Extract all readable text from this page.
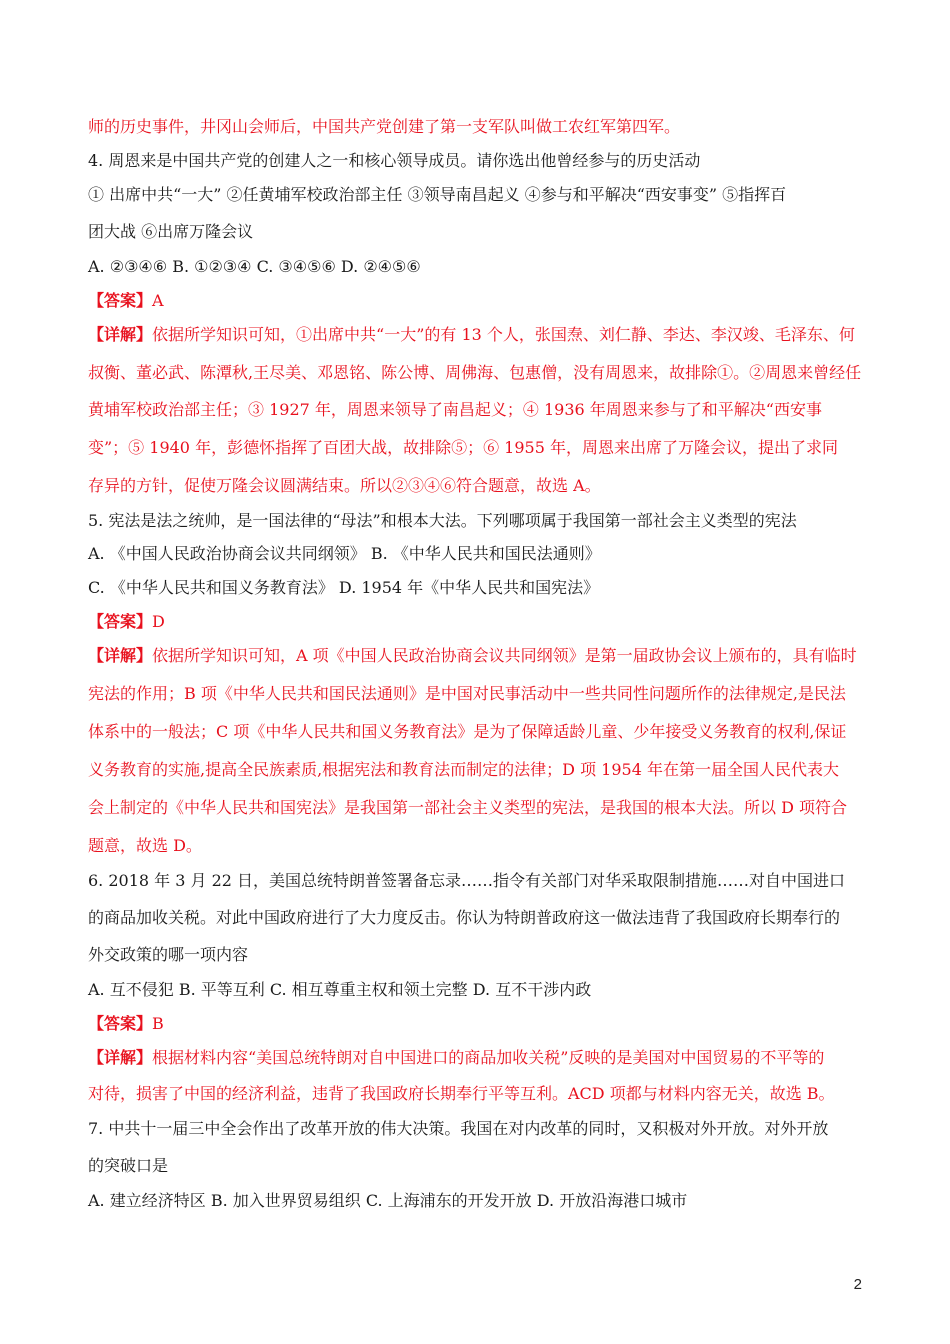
2
师的历史事件，井冈山会师后，中国共产党创建了第一支军队叫做工农红军第四军。
4. 周恩来是中国共产党的创建人之一和核心领导成员。请你选出他曾经参与的历史活动
① 出席中共“一大” ②任黄埔军校政治部主任 ③领导南昌起义 ④参与和平解决“西安事变” ⑤指挥百
团大战 ⑥出席万隆会议
A. ②③④⑥ B. ①②③④ C. ③④⑤⑥ D. ②④⑤⑥
【答案】A
【详解】依据所学知识可知，①出席中共“一大”的有 13 个人，张国焘、刘仁静、李达、李汉竣、毛泽东、何
叔衡、董必武、陈潭秋,王尽美、邓恩铭、陈公博、周佛海、包惠僧，没有周恩来，故排除①。②周恩来曾经任
黄埔军校政治部主任；③ 1927 年，周恩来领导了南昌起义；④ 1936 年周恩来参与了和平解决“西安事
变”；⑤ 1940 年，彭德怀指挥了百团大战，故排除⑤；⑥ 1955 年，周恩来出席了万隆会议，提出了求同
存异的方针，促使万隆会议圆满结束。所以②③④⑥符合题意，故选 A。
5. 宪法是法之统帅，是一国法律的“母法”和根本大法。下列哪项属于我国第一部社会主义类型的宪法
A. 《中国人民政治协商会议共同纲领》 B. 《中华人民共和国民法通则》
C. 《中华人民共和国义务教育法》 D. 1954 年《中华人民共和国宪法》
【答案】D
【详解】依据所学知识可知，A 项《中国人民政治协商会议共同纲领》是第一届政协会议上颁布的，具有临时
宪法的作用；B 项《中华人民共和国民法通则》是中国对民事活动中一些共同性问题所作的法律规定,是民法
体系中的一般法；C 项《中华人民共和国义务教育法》是为了保障适龄儿童、少年接受义务教育的权利,保证
义务教育的实施,提高全民族素质,根据宪法和教育法而制定的法律；D 项 1954 年在第一届全国人民代表大
会上制定的《中华人民共和国宪法》是我国第一部社会主义类型的宪法，是我国的根本大法。所以 D 项符合
题意，故选 D。
6. 2018 年 3 月 22 日，美国总统特朗普签署备忘录……指令有关部门对华采取限制措施……对自中国进口
的商品加收关税。对此中国政府进行了大力度反击。你认为特朗普政府这一做法违背了我国政府长期奉行的
外交政策的哪一项内容
A. 互不侵犯 B. 平等互利 C. 相互尊重主权和领土完整 D. 互不干涉内政
【答案】B
【详解】根据材料内容“美国总统特朗对自中国进口的商品加收关税”反映的是美国对中国贸易的不平等的
对待，损害了中国的经济利益，违背了我国政府长期奉行平等互利。ACD 项都与材料内容无关，故选 B。
7. 中共十一届三中全会作出了改革开放的伟大决策。我国在对内改革的同时，又积极对外开放。对外开放
的突破口是
A. 建立经济特区 B. 加入世界贸易组织 C. 上海浦东的开发开放 D. 开放沿海港口城市
